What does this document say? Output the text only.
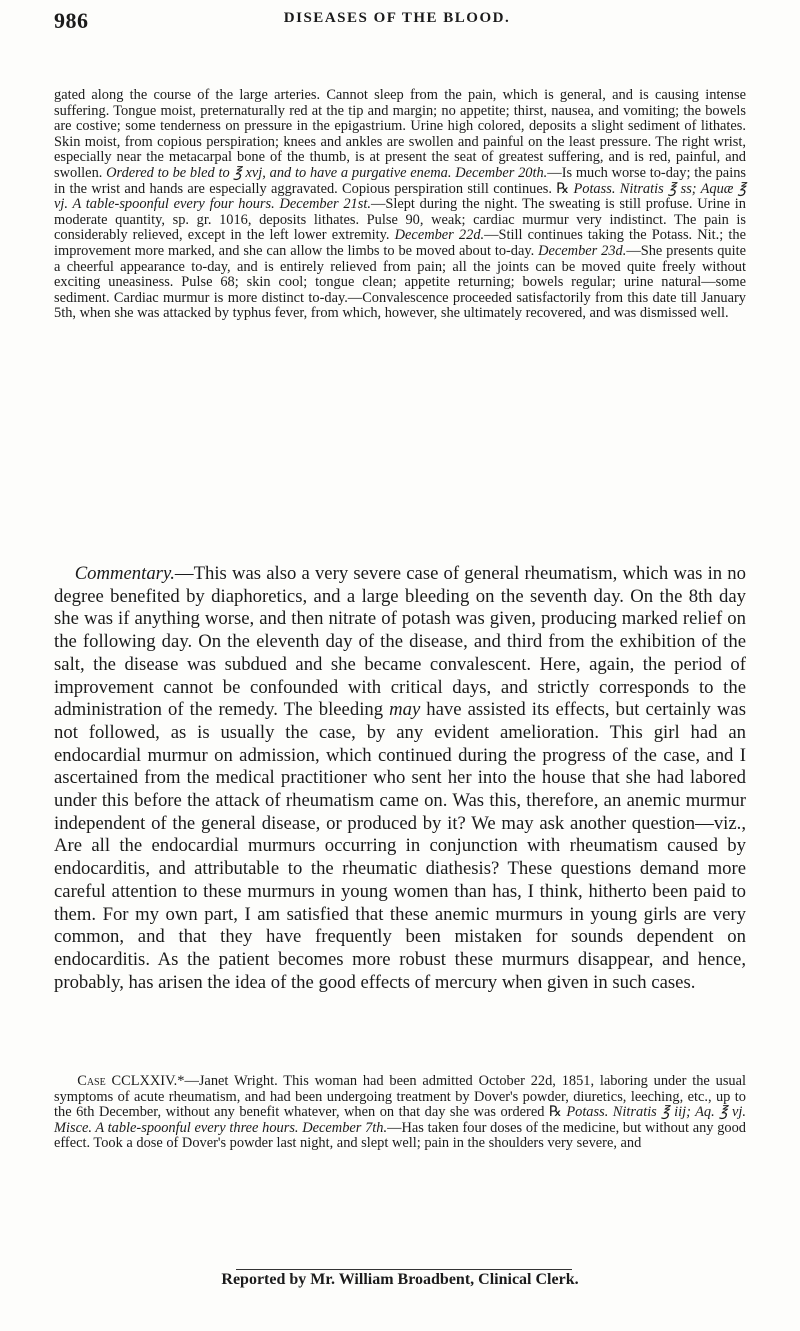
986	DISEASES OF THE BLOOD.

gated along the course of the large arteries. Cannot sleep from the pain, which is general, and is causing intense suffering. Tongue moist, preternaturally red at the tip and margin; no appetite; thirst, nausea, and vomiting; the bowels are costive; some tenderness on pressure in the epigastrium. Urine high colored, deposits a slight sediment of lithates. Skin moist, from copious perspiration; knees and ankles are swollen and painful on the least pressure. The right wrist, especially near the metacarpal bone of the thumb, is at present the seat of greatest suffering, and is red, painful, and swollen. Ordered to be bled to ℥ xvj, and to have a purgative enema. December 20th.—Is much worse to-day; the pains in the wrist and hands are especially aggravated. Copious perspiration still continues. ℞ Potass. Nitratis ℥ ss; Aquæ ℥ vj. A table-spoonful every four hours. December 21st.—Slept during the night. The sweating is still profuse. Urine in moderate quantity, sp. gr. 1016, deposits lithates. Pulse 90, weak; cardiac murmur very indistinct. The pain is considerably relieved, except in the left lower extremity. December 22d.—Still continues taking the Potass. Nit.; the improvement more marked, and she can allow the limbs to be moved about to-day. December 23d.—She presents quite a cheerful appearance to-day, and is entirely relieved from pain; all the joints can be moved quite freely without exciting uneasiness. Pulse 68; skin cool; tongue clean; appetite returning; bowels regular; urine natural—some sediment. Cardiac murmur is more distinct to-day.—Convalescence proceeded satisfactorily from this date till January 5th, when she was attacked by typhus fever, from which, however, she ultimately recovered, and was dismissed well.

Commentary.—This was also a very severe case of general rheumatism, which was in no degree benefited by diaphoretics, and a large bleeding on the seventh day. On the 8th day she was if anything worse, and then nitrate of potash was given, producing marked relief on the following day. On the eleventh day of the disease, and third from the exhibition of the salt, the disease was subdued and she became convalescent. Here, again, the period of improvement cannot be confounded with critical days, and strictly corresponds to the administration of the remedy. The bleeding may have assisted its effects, but certainly was not followed, as is usually the case, by any evident amelioration. This girl had an endocardial murmur on admission, which continued during the progress of the case, and I ascertained from the medical practitioner who sent her into the house that she had labored under this before the attack of rheumatism came on. Was this, therefore, an anemic murmur independent of the general disease, or produced by it? We may ask another question—viz., Are all the endocardial murmurs occurring in conjunction with rheumatism caused by endocarditis, and attributable to the rheumatic diathesis? These questions demand more careful attention to these murmurs in young women than has, I think, hitherto been paid to them. For my own part, I am satisfied that these anemic murmurs in young girls are very common, and that they have frequently been mistaken for sounds dependent on endocarditis. As the patient becomes more robust these murmurs disappear, and hence, probably, has arisen the idea of the good effects of mercury when given in such cases.

Case CCLXXIV.*—Janet Wright. This woman had been admitted October 22d, 1851, laboring under the usual symptoms of acute rheumatism, and had been undergoing treatment by Dover's powder, diuretics, leeching, etc., up to the 6th December, without any benefit whatever, when on that day she was ordered ℞ Potass. Nitratis ℥ iij; Aq. ℥ vj. Misce. A table-spoonful every three hours. December 7th.—Has taken four doses of the medicine, but without any good effect. Took a dose of Dover's powder last night, and slept well; pain in the shoulders very severe, and

Reported by Mr. William Broadbent, Clinical Clerk.
